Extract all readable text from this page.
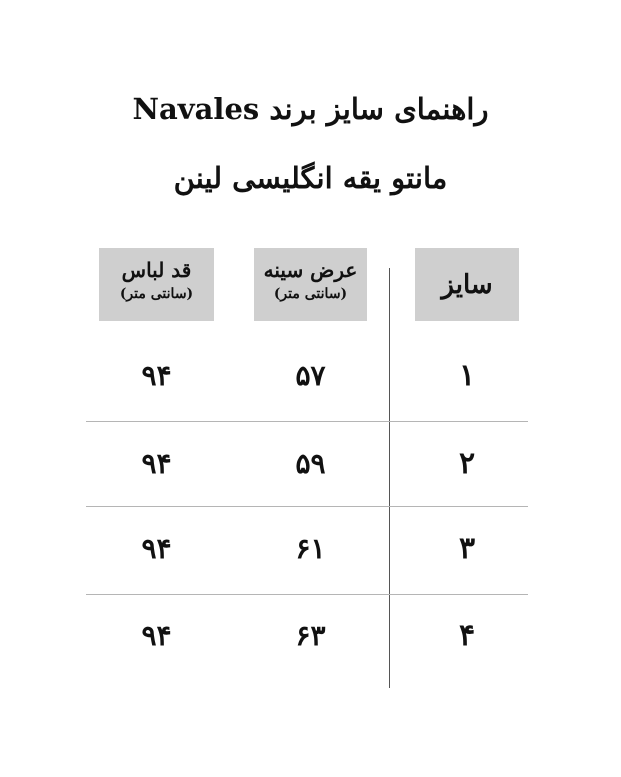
راهنمای سایز برند Navales
مانتو یقه انگلیسی لینن
سایز
عرض سینه
(سانتی متر)
قد لباس
(سانتی متر)
۱
۵۷
۹۴
۲
۵۹
۹۴
۳
۶۱
۹۴
۴
۶۳
۹۴
